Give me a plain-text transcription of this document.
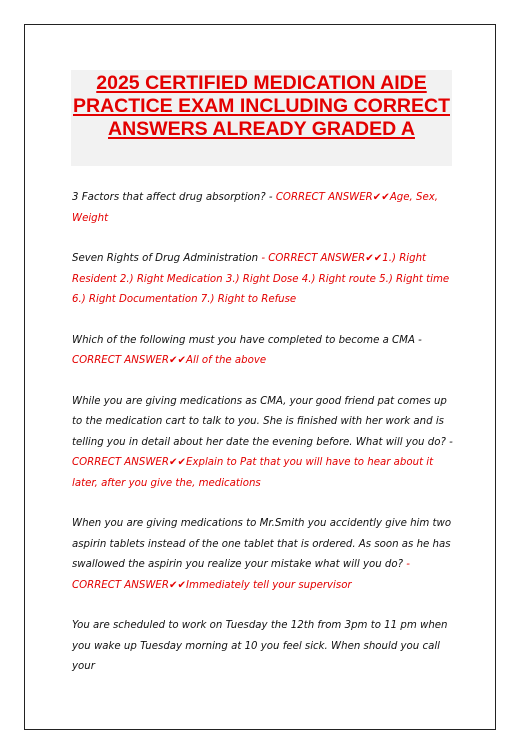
2025 CERTIFIED MEDICATION AIDE PRACTICE EXAM INCLUDING CORRECT ANSWERS ALREADY GRADED A

3 Factors that affect drug absorption? - CORRECT ANSWER✔✔Age, Sex, Weight

Seven Rights of Drug Administration - CORRECT ANSWER✔✔1.) Right Resident 2.) Right Medication 3.) Right Dose 4.) Right route 5.) Right time 6.) Right Documentation 7.) Right to Refuse

Which of the following must you have completed to become a CMA - CORRECT ANSWER✔✔All of the above

While you are giving medications as CMA, your good friend pat comes up to the medication cart to talk to you. She is finished with her work and is telling you in detail about her date the evening before. What will you do? - CORRECT ANSWER✔✔Explain to Pat that you will have to hear about it later, after you give the, medications

When you are giving medications to Mr.Smith you accidently give him two aspirin tablets instead of the one tablet that is ordered. As soon as he has swallowed the aspirin you realize your mistake what will you do? - CORRECT ANSWER✔✔Immediately tell your supervisor

You are scheduled to work on Tuesday the 12th from 3pm to 11 pm when you wake up Tuesday morning at 10 you feel sick. When should you call your
